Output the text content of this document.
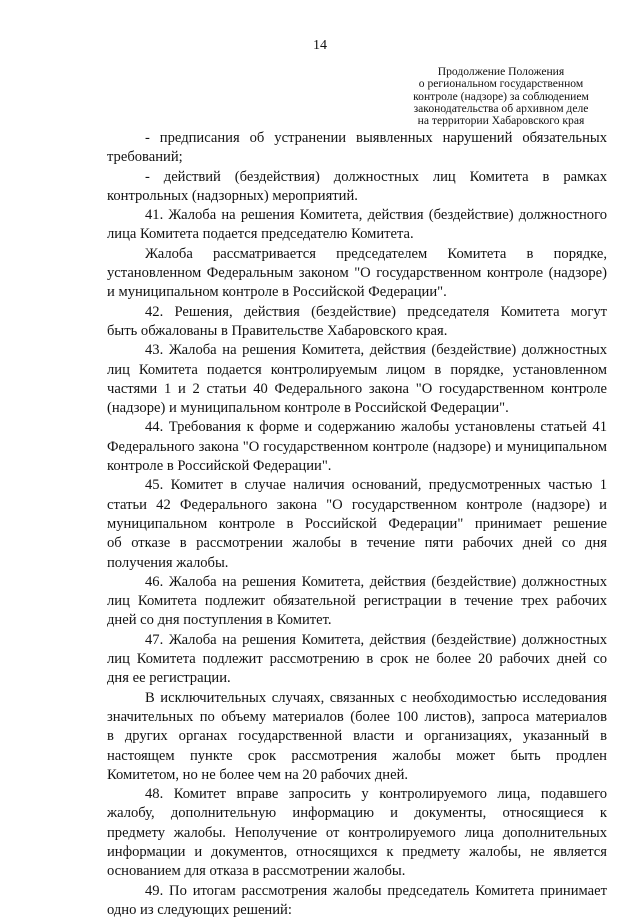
14
Продолжение Положения
о региональном государственном
контроле (надзоре) за соблюдением
законодательства об архивном деле
на территории Хабаровского края
- предписания об устранении выявленных нарушений обязательных
требований;
- действий (бездействия) должностных лиц Комитета в рамках
контрольных (надзорных) мероприятий.
41. Жалоба на решения Комитета, действия (бездействие) должностного
лица Комитета подается председателю Комитета.
Жалоба рассматривается председателем Комитета в порядке,
установленном Федеральным законом "О государственном контроле (надзоре)
и муниципальном контроле в Российской Федерации".
42. Решения, действия (бездействие) председателя Комитета могут
быть обжалованы в Правительстве Хабаровского края.
43. Жалоба на решения Комитета, действия (бездействие) должностных
лиц Комитета подается контролируемым лицом в порядке, установленном
частями 1 и 2 статьи 40 Федерального закона "О государственном контроле
(надзоре) и муниципальном контроле в Российской Федерации".
44. Требования к форме и содержанию жалобы установлены статьей 41
Федерального закона "О государственном контроле (надзоре) и муниципальном
контроле в Российской Федерации".
45. Комитет в случае наличия оснований, предусмотренных частью 1
статьи 42 Федерального закона "О государственном контроле (надзоре) и
муниципальном контроле в Российской Федерации" принимает решение
об отказе в рассмотрении жалобы в течение пяти рабочих дней со дня
получения жалобы.
46. Жалоба на решения Комитета, действия (бездействие) должностных
лиц Комитета подлежит обязательной регистрации в течение трех рабочих
дней со дня поступления в Комитет.
47. Жалоба на решения Комитета, действия (бездействие) должностных
лиц Комитета подлежит рассмотрению в срок не более 20 рабочих дней со
дня ее регистрации.
В исключительных случаях, связанных с необходимостью исследования
значительных по объему материалов (более 100 листов), запроса материалов
в других органах государственной власти и организациях, указанный в
настоящем пункте срок рассмотрения жалобы может быть продлен
Комитетом, но не более чем на 20 рабочих дней.
48. Комитет вправе запросить у контролируемого лица, подавшего
жалобу, дополнительную информацию и документы, относящиеся к
предмету жалобы. Неполучение от контролируемого лица дополнительных
информации и документов, относящихся к предмету жалобы, не является
основанием для отказа в рассмотрении жалобы.
49. По итогам рассмотрения жалобы председатель Комитета принимает
одно из следующих решений:
